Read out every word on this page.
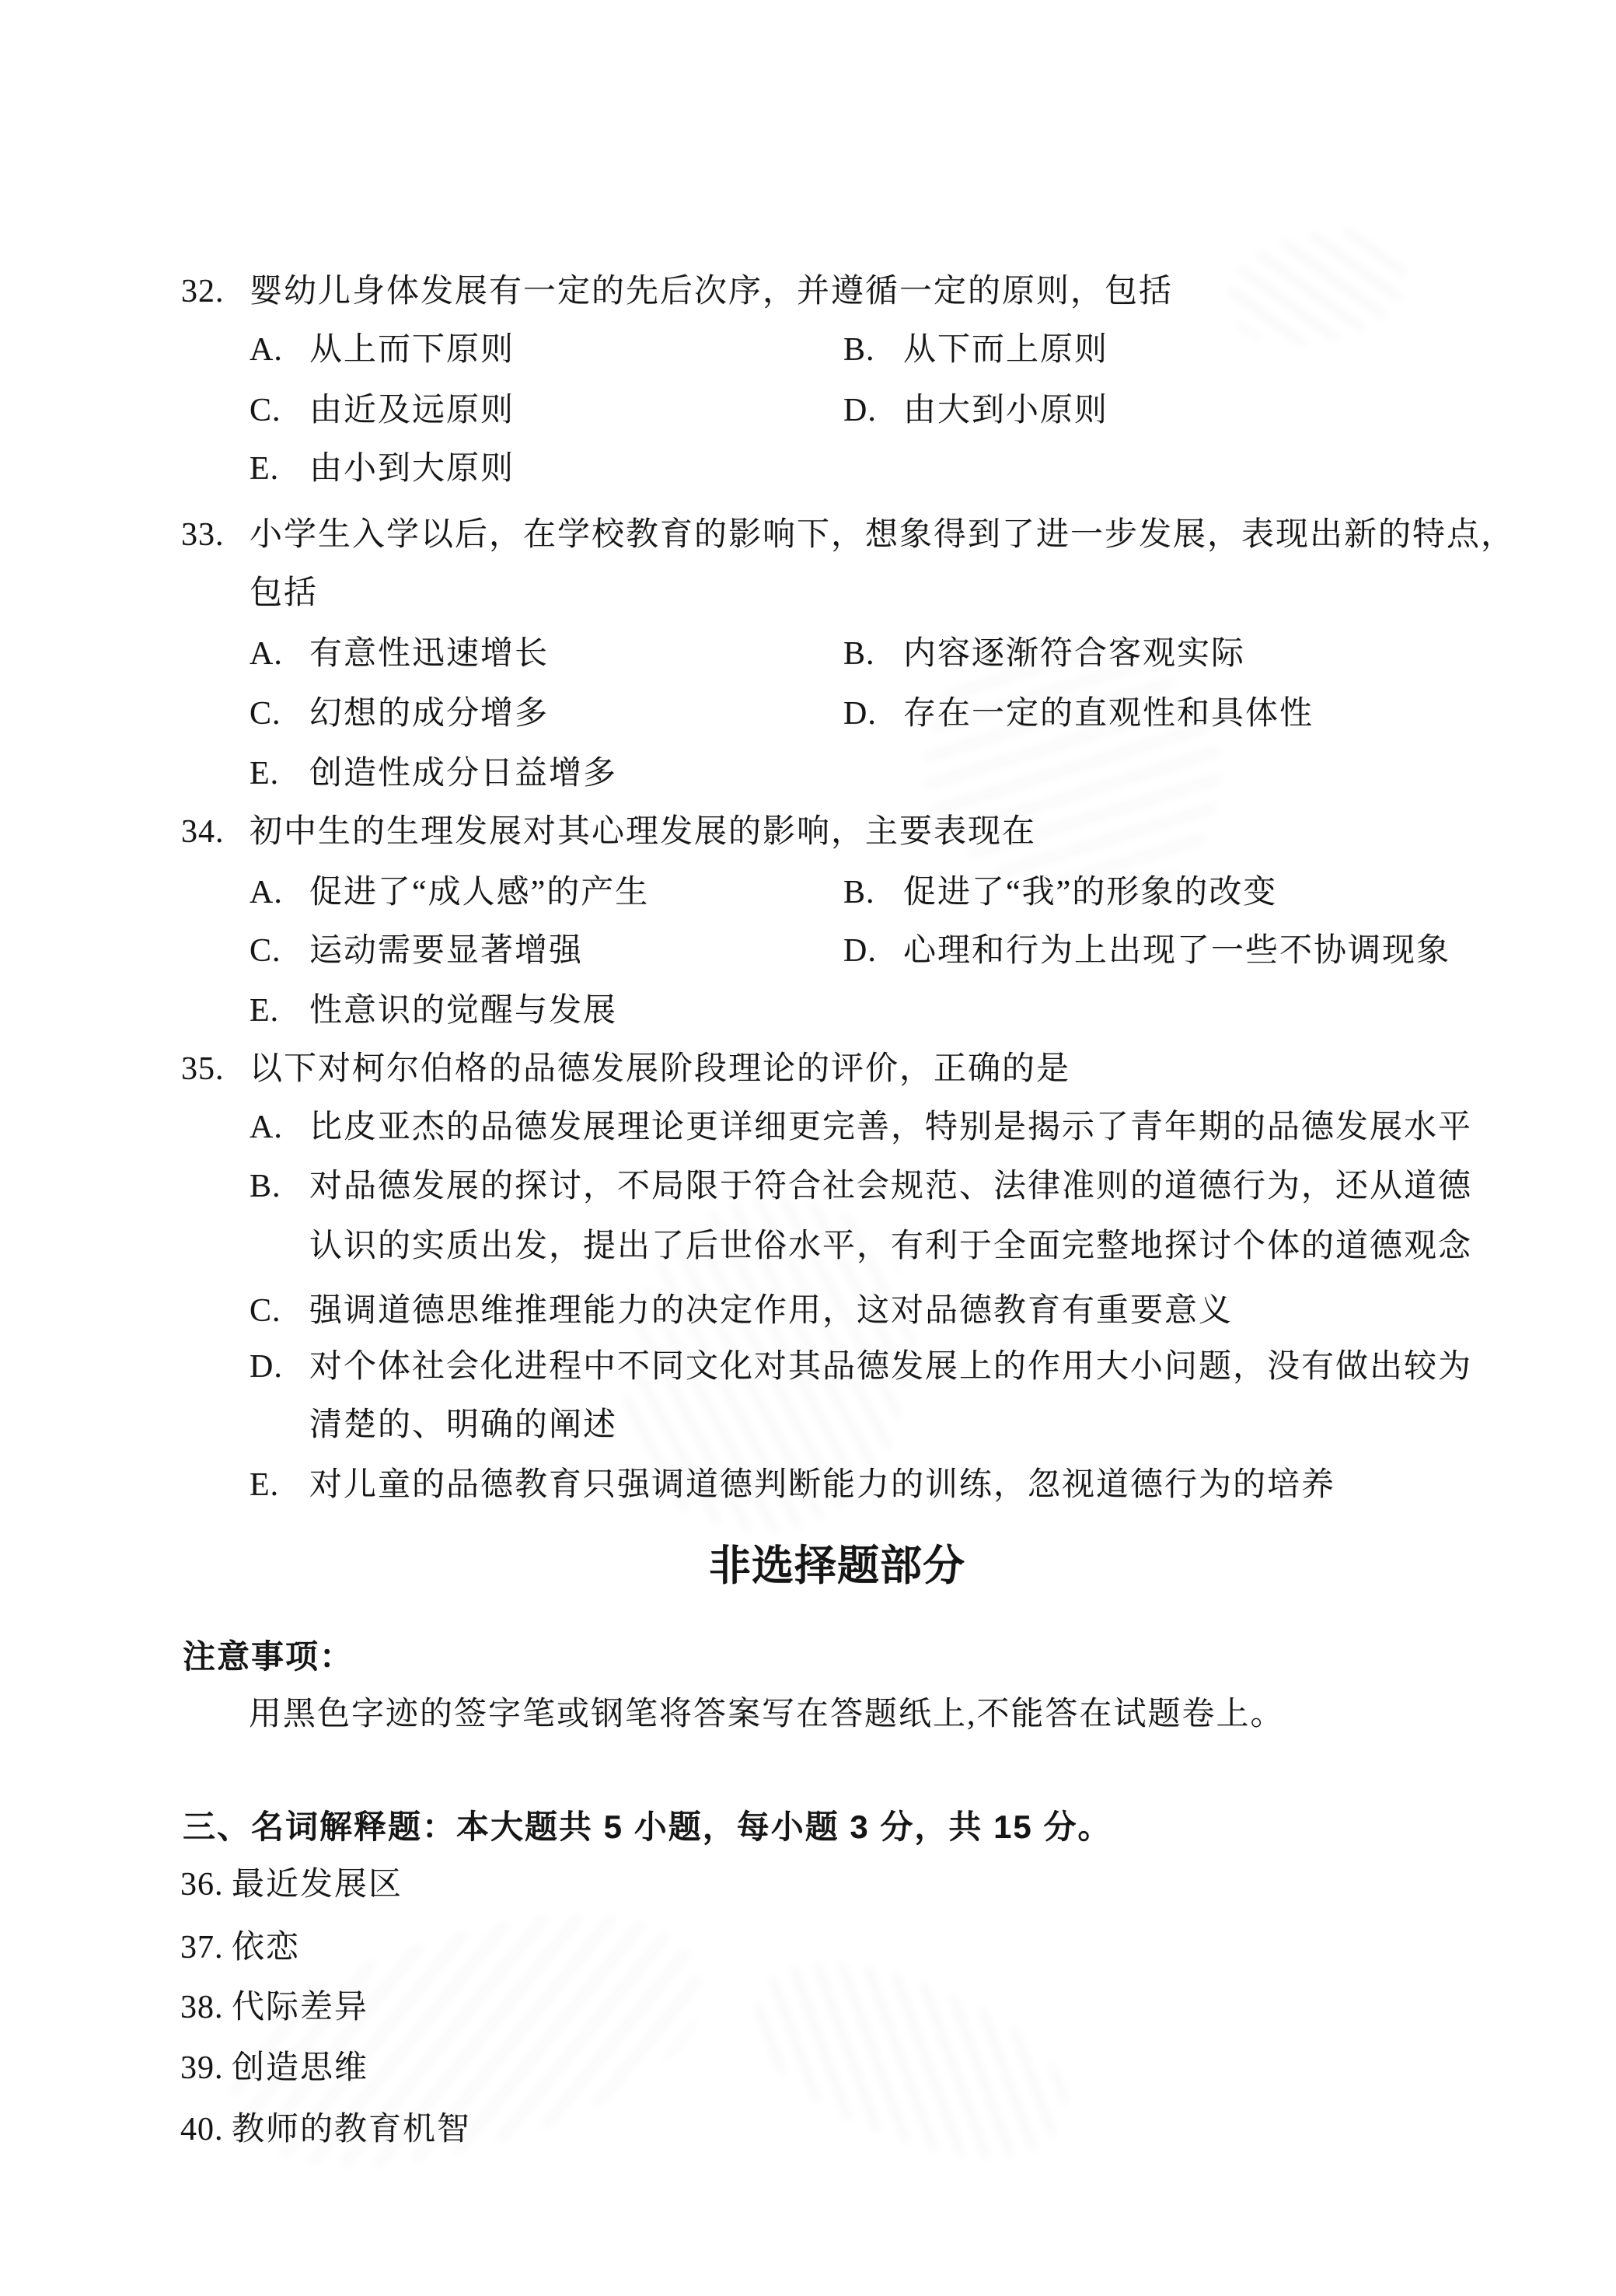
32. 婴幼儿身体发展有一定的先后次序，并遵循一定的原则，包括
A. 从上而下原则	B. 从下而上原则
C. 由近及远原则	D. 由大到小原则
E. 由小到大原则
33. 小学生入学以后，在学校教育的影响下，想象得到了进一步发展，表现出新的特点，
包括
A. 有意性迅速增长	B. 内容逐渐符合客观实际
C. 幻想的成分增多	D. 存在一定的直观性和具体性
E. 创造性成分日益增多
34. 初中生的生理发展对其心理发展的影响，主要表现在
A. 促进了“成人感”的产生	B. 促进了“我”的形象的改变
C. 运动需要显著增强	D. 心理和行为上出现了一些不协调现象
E. 性意识的觉醒与发展
35. 以下对柯尔伯格的品德发展阶段理论的评价，正确的是
A. 比皮亚杰的品德发展理论更详细更完善，特别是揭示了青年期的品德发展水平
B. 对品德发展的探讨，不局限于符合社会规范、法律准则的道德行为，还从道德
认识的实质出发，提出了后世俗水平，有利于全面完整地探讨个体的道德观念
C. 强调道德思维推理能力的决定作用，这对品德教育有重要意义
D. 对个体社会化进程中不同文化对其品德发展上的作用大小问题，没有做出较为
清楚的、明确的阐述
E. 对儿童的品德教育只强调道德判断能力的训练，忽视道德行为的培养
非选择题部分
注意事项：
用黑色字迹的签字笔或钢笔将答案写在答题纸上,不能答在试题卷上。
三、名词解释题：本大题共 5 小题，每小题 3 分，共 15 分。
36. 最近发展区
37. 依恋
38. 代际差异
39. 创造思维
40. 教师的教育机智
